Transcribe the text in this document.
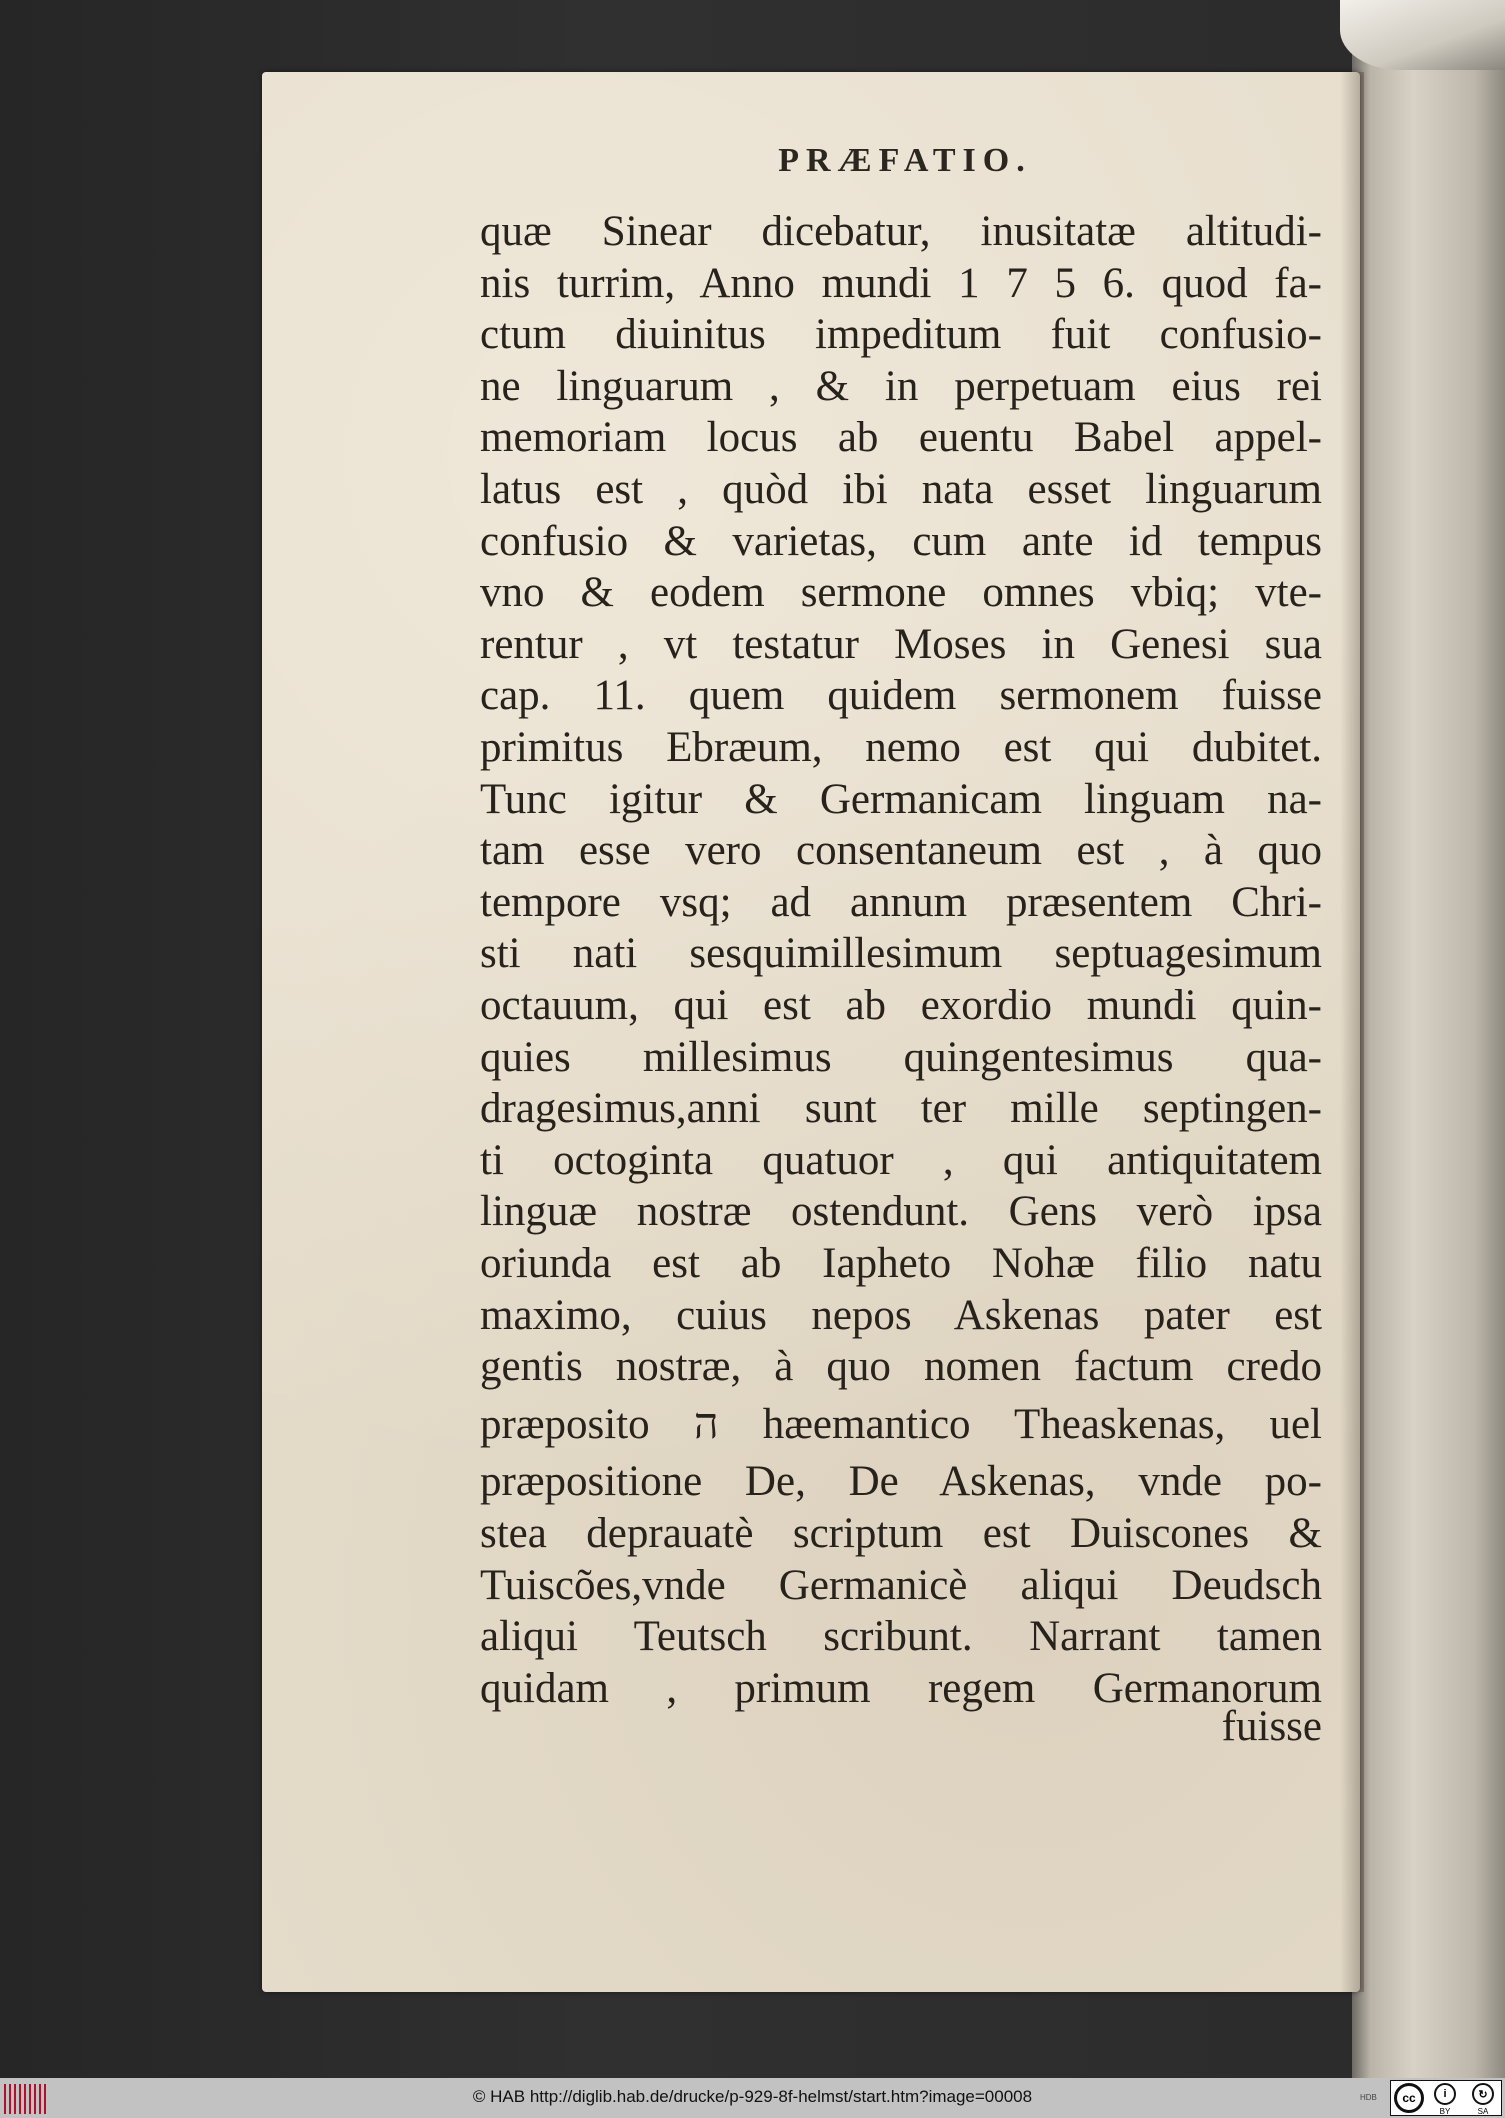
PRÆFATIO.
quæ Sinear dicebatur, inusitatæ altitudi-
nis turrim, Anno mundi 1 7 5 6. quod fa-
ctum diuinitus impeditum fuit confusio-
ne linguarum , & in perpetuam eius rei
memoriam locus ab euentu Babel appel-
latus est , quòd ibi nata esset linguarum
confusio & varietas, cum ante id tempus
vno & eodem sermone omnes vbiq; vte-
rentur , vt testatur Moses in Genesi sua
cap. 11. quem quidem sermonem fuisse
primitus Ebræum, nemo est qui dubitet.
Tunc igitur & Germanicam linguam na-
tam esse vero consentaneum est , à quo
tempore vsq; ad annum præsentem Chri-
sti nati sesquimillesimum septuagesimum
octauum, qui est ab exordio mundi quin-
quies millesimus quingentesimus qua-
dragesimus,anni sunt ter mille septingen-
ti octoginta quatuor , qui antiquitatem
linguæ nostræ ostendunt. Gens verò ipsa
oriunda est ab Iapheto Nohæ filio natu
maximo, cuius nepos Askenas pater est
gentis nostræ, à quo nomen factum credo
præposito ה hæemantico Theaskenas, uel
præpositione De, De Askenas, vnde po-
stea deprauatè scriptum est Duiscones &
Tuiscões,vnde Germanicè aliqui Deudsch
aliqui Teutsch scribunt. Narrant tamen
quidam , primum regem Germanorum
fuisse
© HAB http://diglib.hab.de/drucke/p-929-8f-helmst/start.htm?image=00008	HDB	cc	i
BY
↻
SA
